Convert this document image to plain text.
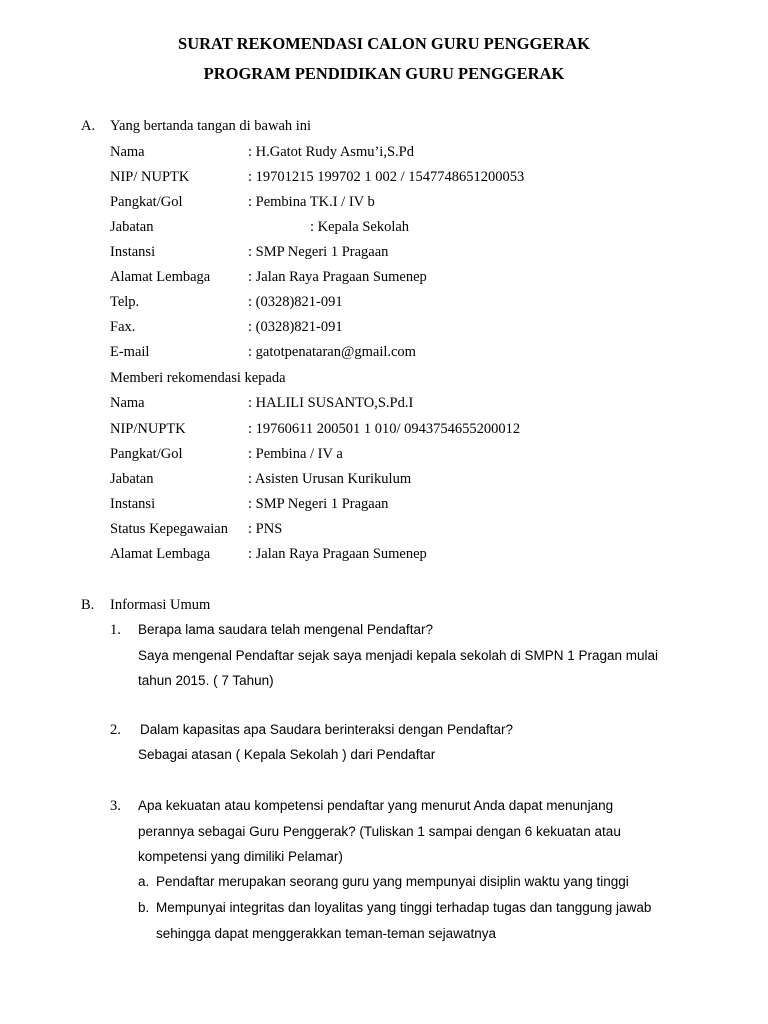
SURAT REKOMENDASI CALON GURU PENGGERAK
PROGRAM PENDIDIKAN GURU PENGGERAK
A. Yang bertanda tangan di bawah ini
Nama	: H.Gatot Rudy Asmu’i,S.Pd
NIP/ NUPTK	: 19701215 199702 1 002 / 1547748651200053
Pangkat/Gol	: Pembina TK.I / IV b
Jabatan	: Kepala Sekolah
Instansi	: SMP Negeri 1 Pragaan
Alamat Lembaga	: Jalan Raya Pragaan Sumenep
Telp.	: (0328)821-091
Fax.	: (0328)821-091
E-mail	: gatotpenataran@gmail.com
Memberi rekomendasi kepada
Nama	: HALILI SUSANTO,S.Pd.I
NIP/NUPTK	: 19760611 200501 1 010/ 0943754655200012
Pangkat/Gol	: Pembina / IV a
Jabatan	: Asisten Urusan Kurikulum
Instansi	: SMP Negeri 1 Pragaan
Status Kepegawaian : PNS
Alamat Lembaga	: Jalan Raya Pragaan Sumenep
B. Informasi Umum
1. Berapa lama saudara telah mengenal Pendaftar?
Saya mengenal Pendaftar sejak saya menjadi kepala sekolah di SMPN 1 Pragan mulai
tahun 2015. ( 7 Tahun)
2. Dalam kapasitas apa Saudara berinteraksi dengan Pendaftar?
Sebagai atasan ( Kepala Sekolah ) dari Pendaftar
3. Apa kekuatan atau kompetensi pendaftar yang menurut Anda dapat menunjang
perannya sebagai Guru Penggerak? (Tuliskan 1 sampai dengan 6 kekuatan atau
kompetensi yang dimiliki Pelamar)
a. Pendaftar merupakan seorang guru yang mempunyai disiplin waktu yang tinggi
b. Mempunyai integritas dan loyalitas yang tinggi terhadap tugas dan tanggung jawab
sehingga dapat menggerakkan teman-teman sejawatnya
